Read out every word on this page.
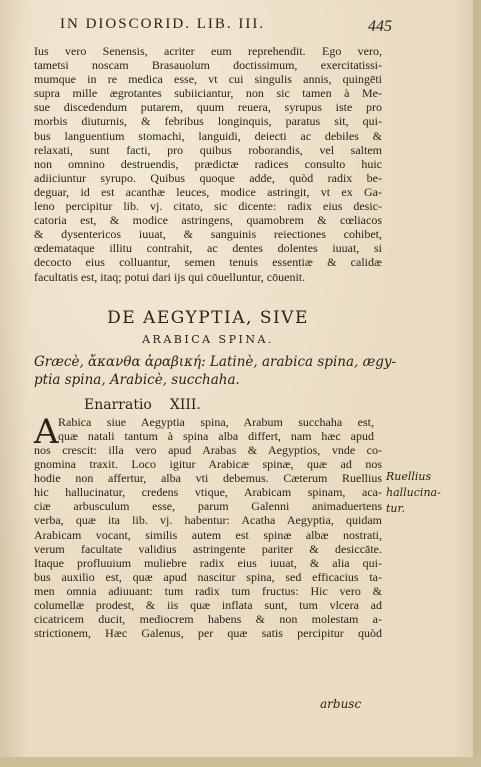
IN DIOSCORID. LIB. III.	445
Ius vero Senensis, acriter eum reprehendit. Ego vero,
tametsi noscam Brasauolum doctissimum, exercitatissi-
mumque in re medica esse, vt cui singulis annis, quingēti
supra mille ægrotantes subiiciantur, non sic tamen à Me-
sue discedendum putarem, quum reuera, syrupus iste pro
morbis diuturnis, & febribus longinquis, paratus sit, qui-
bus languentium stomachi, languidi, deiecti ac debiles &
relaxati, sunt facti, pro quibus roborandis, vel saltem
non omnino destruendis, prædictæ radices consulto huic
adiiciuntur syrupo. Quibus quoque adde, quòd radix be-
deguar, id est acanthæ leuces, modice astringit, vt ex Ga-
leno percipitur lib. vj. citato, sic dicente: radix eius desic-
catoria est, & modice astringens, quamobrem & cœliacos
& dysentericos iuuat, & sanguinis reiectiones cohibet,
œdemataque illitu contrahit, ac dentes dolentes iuuat, si
decocto eius colluantur, semen tenuis essentiæ & calidæ
facultatis est, itaq; potui dari ijs qui cōuelluntur, cōuenit.
DE AEGYPTIA, SIVE
ARABICA SPINA.
Græcè, ἄκανθα ἀραβική: Latinè, arabica spina, ægy-
ptia spina, Arabicè, succhaha.
Enarratio XIII.
A Rabica siue Aegyptia spina, Arabum succhaha est,
quæ natali tantum à spina alba differt, nam hæc apud
nos crescit: illa vero apud Arabas & Aegyptios, vnde co-
gnomina traxit. Loco igitur Arabicæ spinæ, quæ ad nos
hodie non affertur, alba vti debemus. Cæterum Ruellius
hic hallucinatur, credens vtique, Arabicam spinam, aca-
ciæ arbusculum esse, parum Galenni animaduertens
verba, quæ ita lib. vj. habentur: Acatha Aegyptia, quidam
Arabicam vocant, similis autem est spinæ albæ nostrati,
verum facultate validius astringente pariter & desiccāte.
Itaque profluuium muliebre radix eius iuuat, & alia qui-
bus auxilio est, quæ apud nascitur spina, sed efficacius ta-
men omnia adiuuant: tum radix tum fructus: Hic vero &
columellæ prodest, & iis quæ inflata sunt, tum vlcera ad
cicatricem ducit, mediocrem habens & non molestam a-
strictionem, Hæc Galenus, per quæ satis percipitur quòd
Ruellius
hallucina-
tur.
arbusc
